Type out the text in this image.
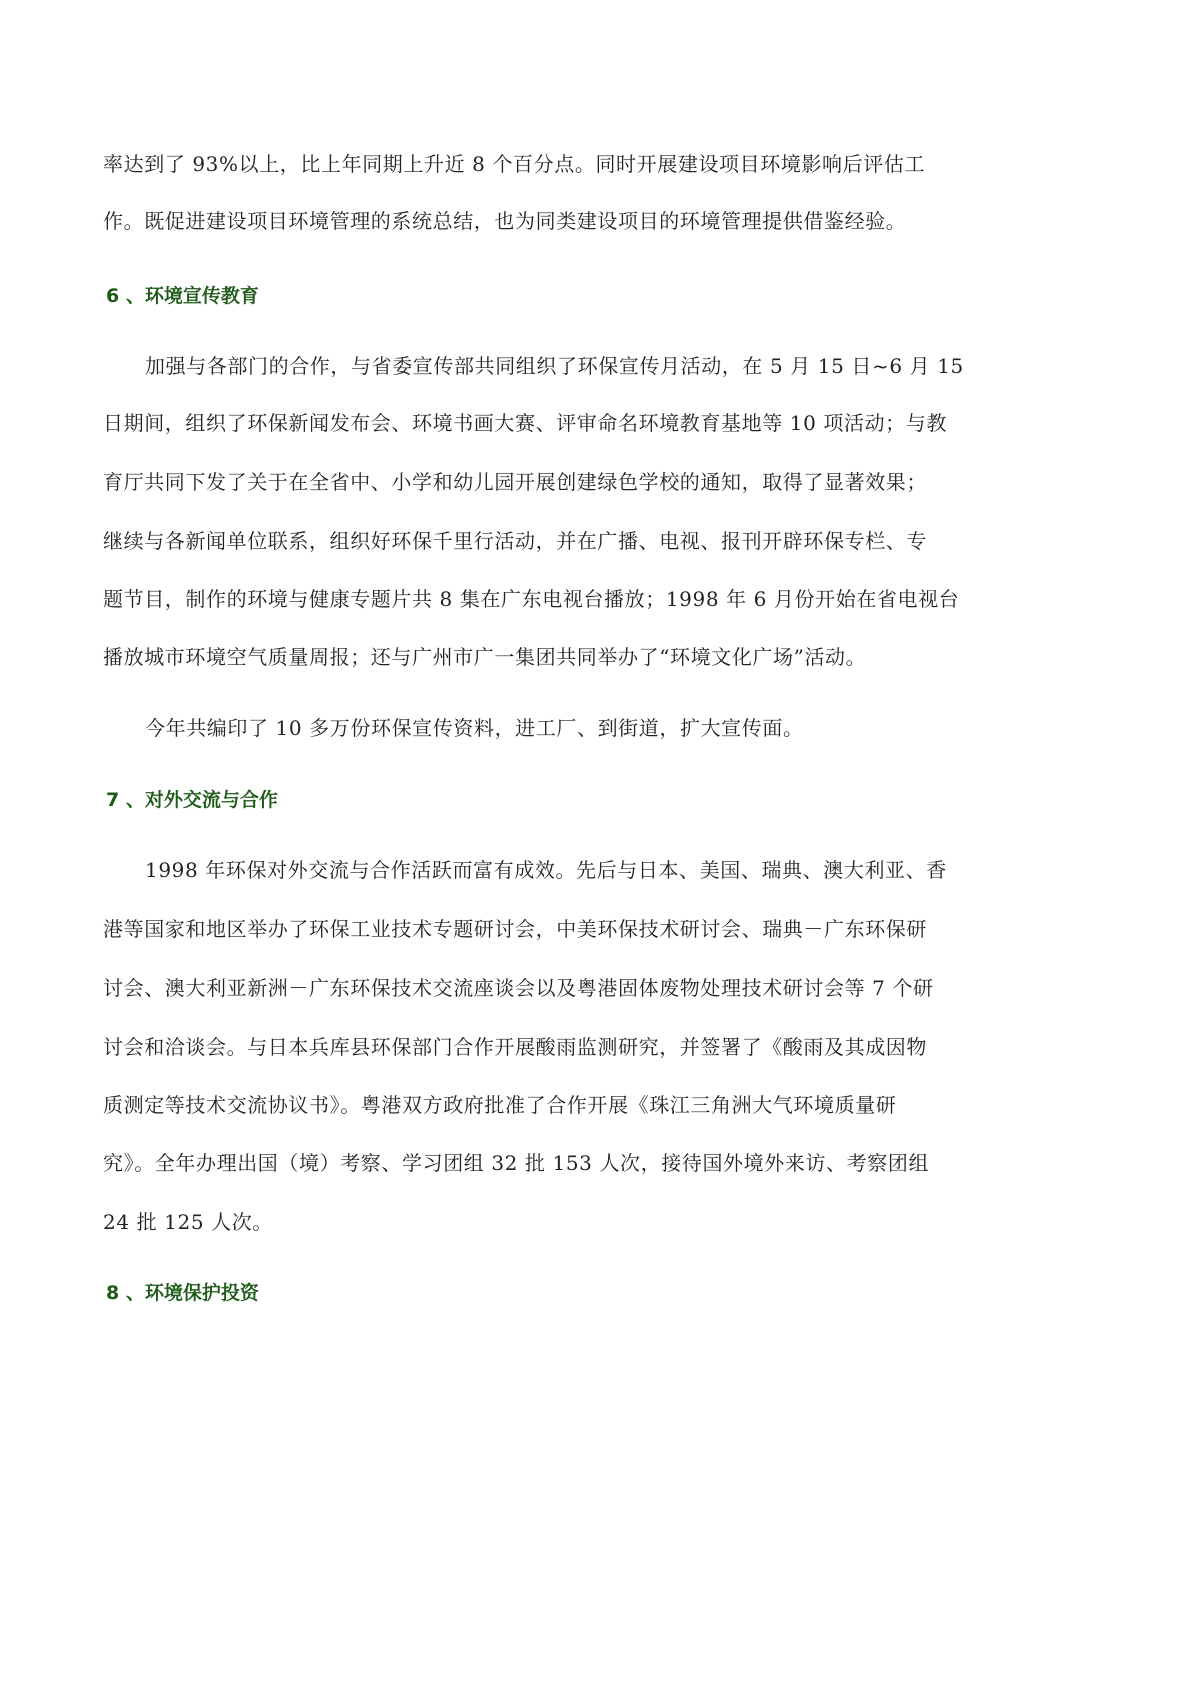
率达到了 93%以上，比上年同期上升近 8 个百分点。同时开展建设项目环境影响后评估工
作。既促进建设项目环境管理的系统总结，也为同类建设项目的环境管理提供借鉴经验。
6 、环境宣传教育
加强与各部门的合作，与省委宣传部共同组织了环保宣传月活动，在 5 月 15 日~6 月 15
日期间，组织了环保新闻发布会、环境书画大赛、评审命名环境教育基地等 10 项活动；与教
育厅共同下发了关于在全省中、小学和幼儿园开展创建绿色学校的通知，取得了显著效果；
继续与各新闻单位联系，组织好环保千里行活动，并在广播、电视、报刊开辟环保专栏、专
题节目，制作的环境与健康专题片共 8 集在广东电视台播放；1998 年 6 月份开始在省电视台
播放城市环境空气质量周报；还与广州市广一集团共同举办了“环境文化广场”活动。
今年共编印了 10 多万份环保宣传资料，进工厂、到街道，扩大宣传面。
7 、对外交流与合作
1998 年环保对外交流与合作活跃而富有成效。先后与日本、美国、瑞典、澳大利亚、香
港等国家和地区举办了环保工业技术专题研讨会，中美环保技术研讨会、瑞典－广东环保研
讨会、澳大利亚新洲－广东环保技术交流座谈会以及粤港固体废物处理技术研讨会等 7 个研
讨会和洽谈会。与日本兵库县环保部门合作开展酸雨监测研究，并签署了《酸雨及其成因物
质测定等技术交流协议书》。粤港双方政府批准了合作开展《珠江三角洲大气环境质量研
究》。全年办理出国（境）考察、学习团组 32 批 153 人次，接待国外境外来访、考察团组
24 批 125 人次。
8 、环境保护投资
